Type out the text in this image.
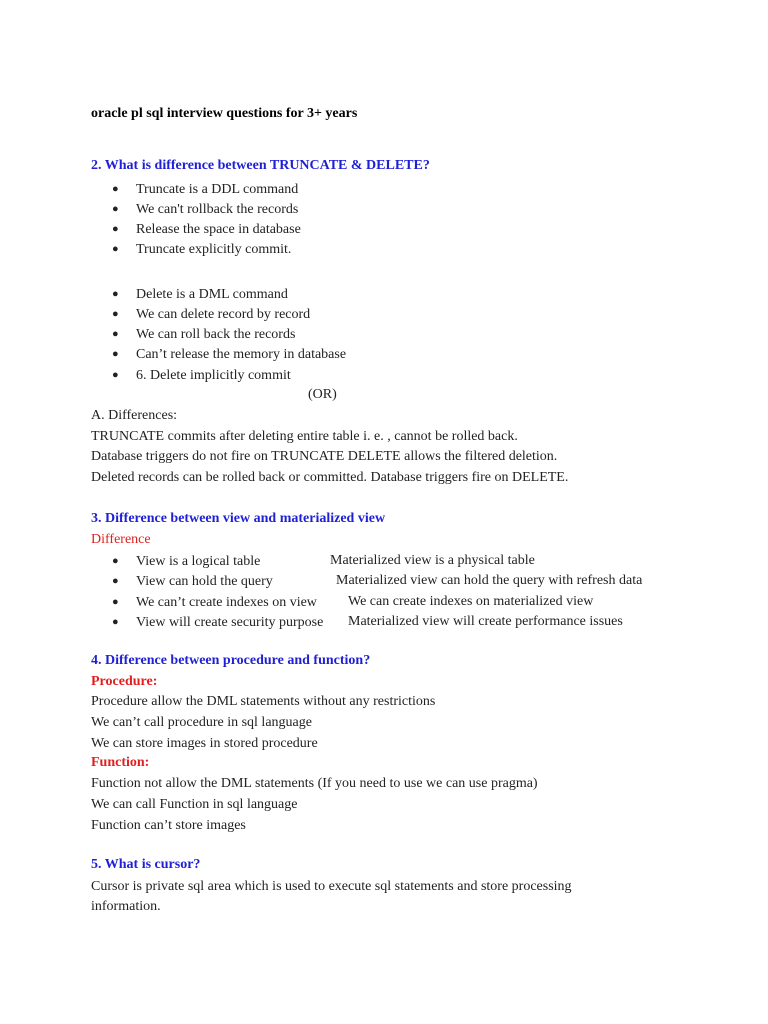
oracle pl sql interview questions for 3+ years
2. What is difference between TRUNCATE & DELETE?
● Truncate is a DDL command
● We can't rollback the records
● Release the space in database
● Truncate explicitly commit.
● Delete is a DML command
● We can delete record by record
● We can roll back the records
● Can’t release the memory in database
● 6. Delete implicitly commit
(OR)
A. Differences:
TRUNCATE commits after deleting entire table i. e. , cannot be rolled back.
Database triggers do not fire on TRUNCATE DELETE allows the filtered deletion.
Deleted records can be rolled back or committed. Database triggers fire on DELETE.
3. Difference between view and materialized view
Difference
● View is a logical table	Materialized view is a physical table
● View can hold the query	Materialized view can hold the query with refresh data
● We can’t create indexes on view We can create indexes on materialized view
● View will create security purpose Materialized view will create performance issues
4. Difference between procedure and function?
Procedure:
Procedure allow the DML statements without any restrictions
We can’t call procedure in sql language
We can store images in stored procedure
Function:
Function not allow the DML statements (If you need to use we can use pragma)
We can call Function in sql language
Function can’t store images
5. What is cursor?
Cursor is private sql area which is used to execute sql statements and store processing
information.
